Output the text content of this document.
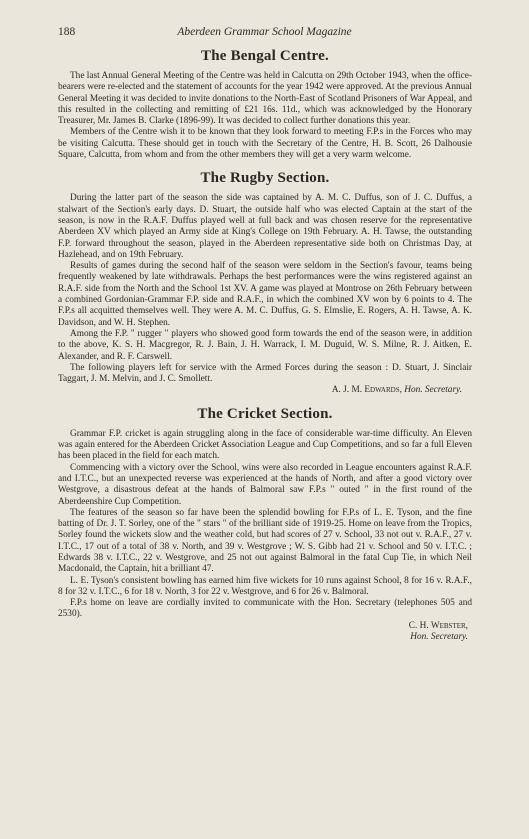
188	Aberdeen Grammar School Magazine
The Bengal Centre.

The last Annual General Meeting of the Centre was held in Calcutta on 29th October 1943, when the office-bearers were re-elected and the statement of accounts for the year 1942 were approved. At the previous Annual General Meeting it was decided to invite donations to the North-East of Scotland Prisoners of War Appeal, and this resulted in the collecting and remitting of £21 16s. 11d., which was acknowledged by the Honorary Treasurer, Mr. James B. Clarke (1896-99). It was decided to collect further donations this year.

Members of the Centre wish it to be known that they look forward to meeting F.P.s in the Forces who may be visiting Calcutta. These should get in touch with the Secretary of the Centre, H. B. Scott, 26 Dalhousie Square, Calcutta, from whom and from the other members they will get a very warm welcome.

The Rugby Section.

During the latter part of the season the side was captained by A. M. C. Duffus, son of J. C. Duffus, a stalwart of the Section's early days. D. Stuart, the outside half who was elected Captain at the start of the season, is now in the R.A.F. Duffus played well at full back and was chosen reserve for the representative Aberdeen XV which played an Army side at King's College on 19th February. A. H. Tawse, the outstanding F.P. forward throughout the season, played in the Aberdeen representative side both on Christmas Day, at Hazlehead, and on 19th February.

Results of games during the second half of the season were seldom in the Section's favour, teams being frequently weakened by late withdrawals. Perhaps the best performances were the wins registered against an R.A.F. side from the North and the School 1st XV. A game was played at Montrose on 26th February between a combined Gordonian-Grammar F.P. side and R.A.F., in which the combined XV won by 6 points to 4. The F.P.s all acquitted themselves well. They were A. M. C. Duffus, G. S. Elmslie, E. Rogers, A. H. Tawse, A. K. Davidson, and W. H. Stephen.

Among the F.P. " rugger " players who showed good form towards the end of the season were, in addition to the above, K. S. H. Macgregor, R. J. Bain, J. H. Warrack, I. M. Duguid, W. S. Milne, R. J. Aitken, E. Alexander, and R. F. Carswell.

The following players left for service with the Armed Forces during the season : D. Stuart, J. Sinclair Taggart, J. M. Melvin, and J. C. Smollett.

A. J. M. Edwards, Hon. Secretary.
The Cricket Section.

Grammar F.P. cricket is again struggling along in the face of considerable war-time difficulty. An Eleven was again entered for the Aberdeen Cricket Association League and Cup Competitions, and so far a full Eleven has been placed in the field for each match.

Commencing with a victory over the School, wins were also recorded in League encounters against R.A.F. and I.T.C., but an unexpected reverse was experienced at the hands of North, and after a good victory over Westgrove, a disastrous defeat at the hands of Balmoral saw F.P.s " outed " in the first round of the Aberdeenshire Cup Competition.

The features of the season so far have been the splendid bowling for F.P.s of L. E. Tyson, and the fine batting of Dr. J. T. Sorley, one of the " stars " of the brilliant side of 1919-25. Home on leave from the Tropics, Sorley found the wickets slow and the weather cold, but had scores of 27 v. School, 33 not out v. R.A.F., 27 v. I.T.C., 17 out of a total of 38 v. North, and 39 v. Westgrove ; W. S. Gibb had 21 v. School and 50 v. I.T.C. ; Edwards 38 v. I.T.C., 22 v. Westgrove, and 25 not out against Balmoral in the fatal Cup Tie, in which Neil Macdonald, the Captain, hit a brilliant 47.

L. E. Tyson's consistent bowling has earned him five wickets for 10 runs against School, 8 for 16 v. R.A.F., 8 for 32 v. I.T.C., 6 for 18 v. North, 3 for 22 v. Westgrove, and 6 for 26 v. Balmoral.

F.P.s home on leave are cordially invited to communicate with the Hon. Secretary (telephones 505 and 2530).

C. H. Webster,
Hon. Secretary.
